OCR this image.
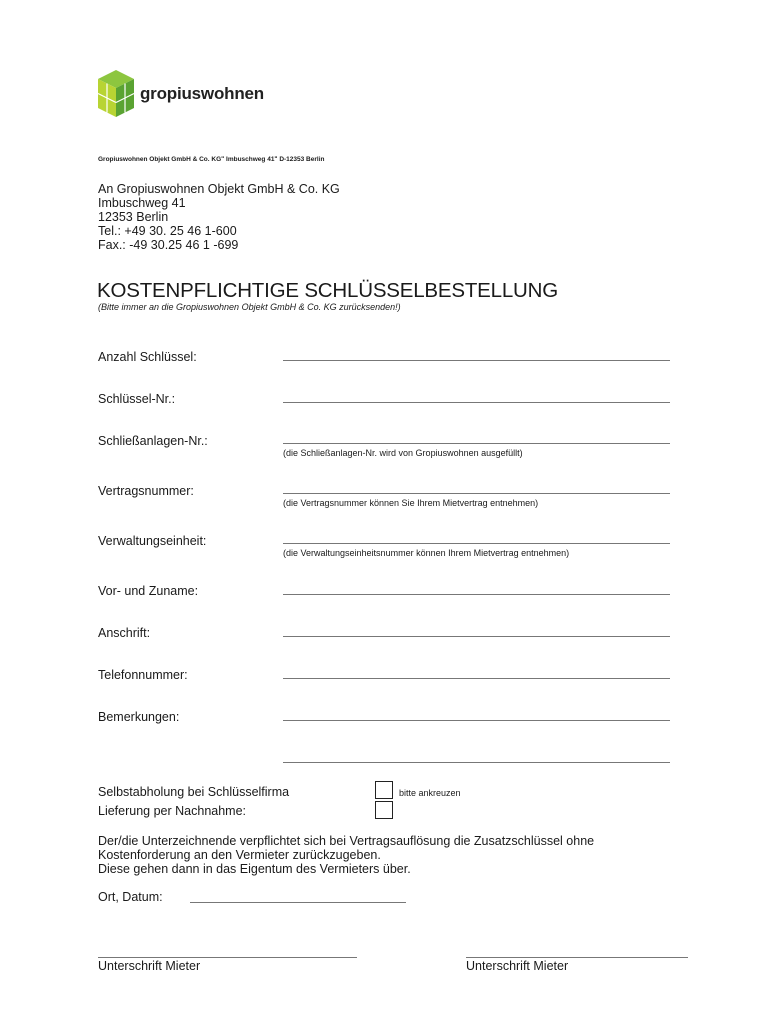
gropiuswohnen
Gropiuswohnen Objekt GmbH & Co. KGʺ Imbuschweg 41ʺ D-12353 Berlin
An Gropiuswohnen Objekt GmbH & Co. KG
Imbuschweg 41
12353 Berlin
Tel.: +49 30. 25 46 1-600
Fax.: -49 30.25 46 1 -699
KOSTENPFLICHTIGE SCHLÜSSELBESTELLUNG
(Bitte immer an die Gropiuswohnen Objekt GmbH & Co. KG zurücksenden!)
Anzahl Schlüssel:
Schlüssel-Nr.:
Schließanlagen-Nr.:
(die Schließanlagen-Nr. wird von Gropiuswohnen ausgefüllt)
Vertragsnummer:
(die Vertragsnummer können Sie Ihrem Mietvertrag entnehmen)
Verwaltungseinheit:
(die Verwaltungseinheitsnummer können Ihrem Mietvertrag entnehmen)
Vor- und Zuname:
Anschrift:
Telefonnummer:
Bemerkungen:
Selbstabholung bei Schlüsselfirma	bitte ankreuzen
Lieferung per Nachnahme:
Der/die Unterzeichnende verpflichtet sich bei Vertragsauflösung die Zusatzschlüssel ohne
Kostenforderung an den Vermieter zurückzugeben.
Diese gehen dann in das Eigentum des Vermieters über.
Ort, Datum:
Unterschrift Mieter	Unterschrift Mieter
